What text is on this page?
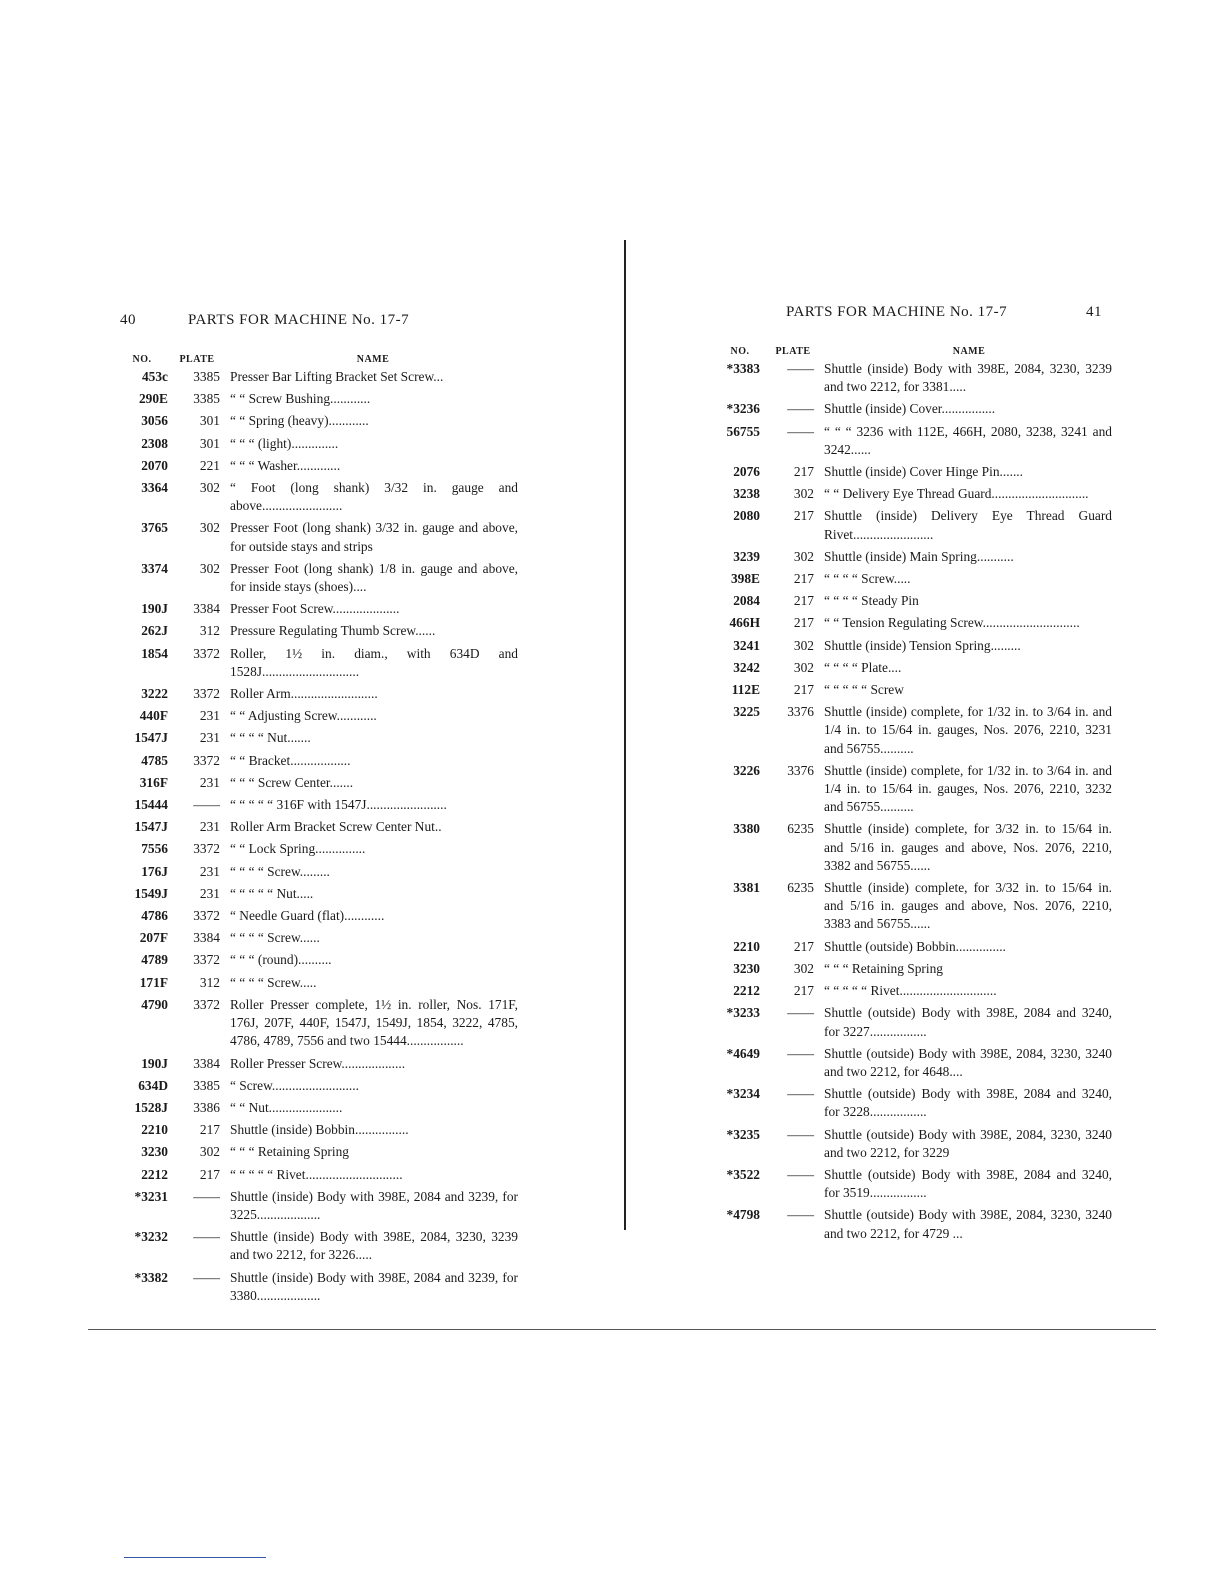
40	PARTS FOR MACHINE No. 17-7
NO.	PLATE	NAME
453c	3385 Presser Bar Lifting Bracket Set Screw...
290E	3385 “ “ Screw Bushing............
3056	301 “ “ Spring (heavy)............
2308	301 “ “ “ (light)..............
2070	221 “ “ “ Washer.............
3364	302 “ Foot (long shank) 3/32 in. gauge and above........................
3765	302 Presser Foot (long shank) 3/32 in. gauge and above, for outside stays and strips
3374	302 Presser Foot (long shank) 1/8 in. gauge and above, for inside stays (shoes)....
190J	3384 Presser Foot Screw....................
262J	312 Pressure Regulating Thumb Screw......
1854	3372 Roller, 1½ in. diam., with 634D and 1528J.............................
3222	3372 Roller Arm..........................
440F	231 “ “ Adjusting Screw............
1547J	231 “ “ “ “ Nut.......
4785	3372 “ “ Bracket..................
316F	231 “ “ “ Screw Center.......
15444	—— “ “ “ “ “ 316F with 1547J........................
1547J	231 Roller Arm Bracket Screw Center Nut..
7556	3372 “ “ Lock Spring...............
176J	231 “ “ “ “ Screw.........
1549J	231 “ “ “ “ “ Nut.....
4786	3372 “ Needle Guard (flat)............
207F	3384 “ “ “ “ Screw......
4789	3372 “ “ “ (round)..........
171F	312 “ “ “ “ Screw.....
4790	3372 Roller Presser complete, 1½ in. roller, Nos. 171F, 176J, 207F, 440F, 1547J, 1549J, 1854, 3222, 4785, 4786, 4789, 7556 and two 15444.................
190J	3384 Roller Presser Screw...................
634D	3385 “ Screw..........................
1528J	3386 “ “ Nut......................
2210	217 Shuttle (inside) Bobbin................
3230	302 “ “ “ Retaining Spring
2212	217 “ “ “ “ “ Rivet.............................
*3231	—— Shuttle (inside) Body with 398E, 2084 and 3239, for 3225...................
*3232	—— Shuttle (inside) Body with 398E, 2084, 3230, 3239 and two 2212, for 3226.....
*3382	—— Shuttle (inside) Body with 398E, 2084 and 3239, for 3380...................
PARTS FOR MACHINE No. 17-7	41
NO.	PLATE	NAME
*3383	—— Shuttle (inside) Body with 398E, 2084, 3230, 3239 and two 2212, for 3381.....
*3236	—— Shuttle (inside) Cover................
56755	—— “ “ “ 3236 with 112E, 466H, 2080, 3238, 3241 and 3242......
2076	217 Shuttle (inside) Cover Hinge Pin.......
3238	302 “ “ Delivery Eye Thread Guard.............................
2080	217 Shuttle (inside) Delivery Eye Thread Guard Rivet........................
3239	302 Shuttle (inside) Main Spring...........
398E	217 “ “ “ “ Screw.....
2084	217 “ “ “ “ Steady Pin
466H	217 “ “ Tension Regulating Screw.............................
3241	302 Shuttle (inside) Tension Spring.........
3242	302 “ “ “ “ Plate....
112E	217 “ “ “ “ “ Screw
3225	3376 Shuttle (inside) complete, for 1/32 in. to 3/64 in. and 1/4 in. to 15/64 in. gauges, Nos. 2076, 2210, 3231 and 56755..........
3226	3376 Shuttle (inside) complete, for 1/32 in. to 3/64 in. and 1/4 in. to 15/64 in. gauges, Nos. 2076, 2210, 3232 and 56755..........
3380	6235 Shuttle (inside) complete, for 3/32 in. to 15/64 in. and 5/16 in. gauges and above, Nos. 2076, 2210, 3382 and 56755......
3381	6235 Shuttle (inside) complete, for 3/32 in. to 15/64 in. and 5/16 in. gauges and above, Nos. 2076, 2210, 3383 and 56755......
2210	217 Shuttle (outside) Bobbin...............
3230	302 “ “ “ Retaining Spring
2212	217 “ “ “ “ “ Rivet.............................
*3233	—— Shuttle (outside) Body with 398E, 2084 and 3240, for 3227.................
*4649	—— Shuttle (outside) Body with 398E, 2084, 3230, 3240 and two 2212, for 4648....
*3234	—— Shuttle (outside) Body with 398E, 2084 and 3240, for 3228.................
*3235	—— Shuttle (outside) Body with 398E, 2084, 3230, 3240 and two 2212, for 3229
*3522	—— Shuttle (outside) Body with 398E, 2084 and 3240, for 3519.................
*4798	—— Shuttle (outside) Body with 398E, 2084, 3230, 3240 and two 2212, for 4729 ...
